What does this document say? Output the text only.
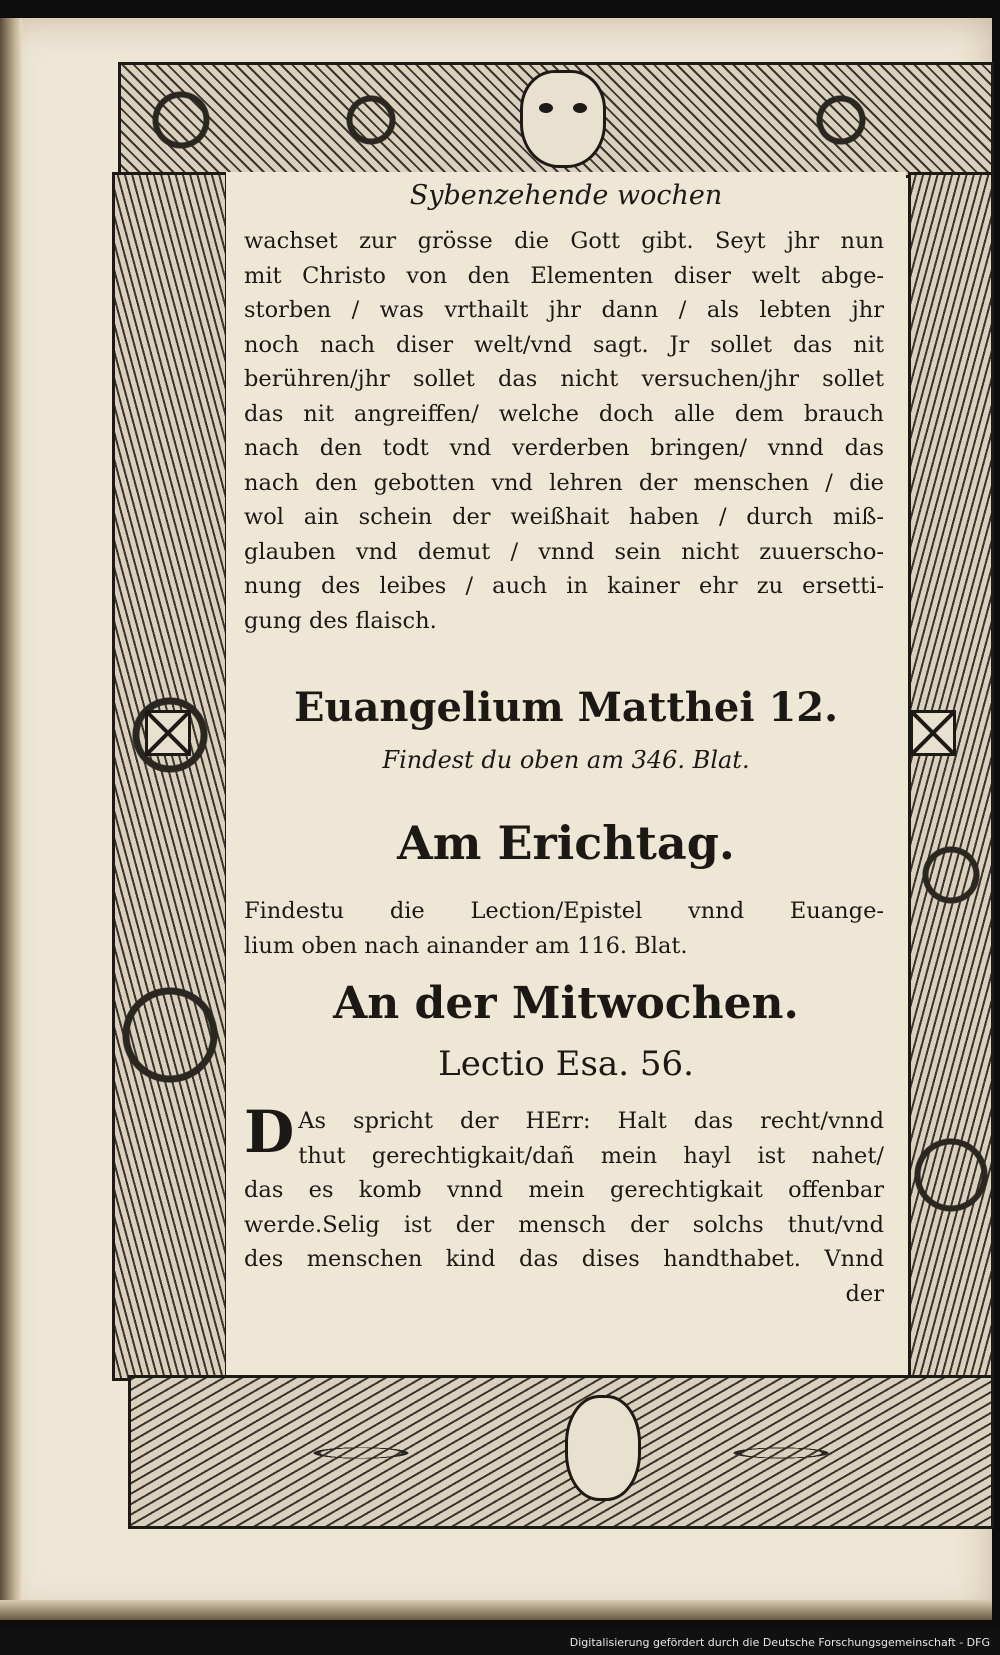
Sybenzehende wochen
wachset zur grösse die Gott gibt. Seyt jhr nun
mit Christo von den Elementen diser welt abge-
storben / was vrthailt jhr dann / als lebten jhr
noch nach diser welt/vnd sagt. Jr sollet das nit
berühren/jhr sollet das nicht versuchen/jhr sollet
das nit angreiffen/ welche doch alle dem brauch
nach den todt vnd verderben bringen/ vnnd das
nach den gebotten vnd lehren der menschen / die
wol ain schein der weißhait haben / durch miß-
glauben vnd demut / vnnd sein nicht zuuerscho-
nung des leibes / auch in kainer ehr zu ersetti-
gung des flaisch.
Euangelium Matthei 12.
Findest du oben am 346. Blat.
Am Erichtag.
Findestu die Lection/Epistel vnnd Euange-
lium oben nach ainander am 116. Blat.
An der Mitwochen.
Lectio Esa. 56.
D As spricht der HErr: Halt das recht/vnnd
thut gerechtigkait/dañ mein hayl ist nahet/
das es komb vnnd mein gerechtigkait offenbar
werde.Selig ist der mensch der solchs thut/vnd
des menschen kind das dises handthabet. Vnnd
der
Digitalisierung gefördert durch die Deutsche Forschungsgemeinschaft - DFG
